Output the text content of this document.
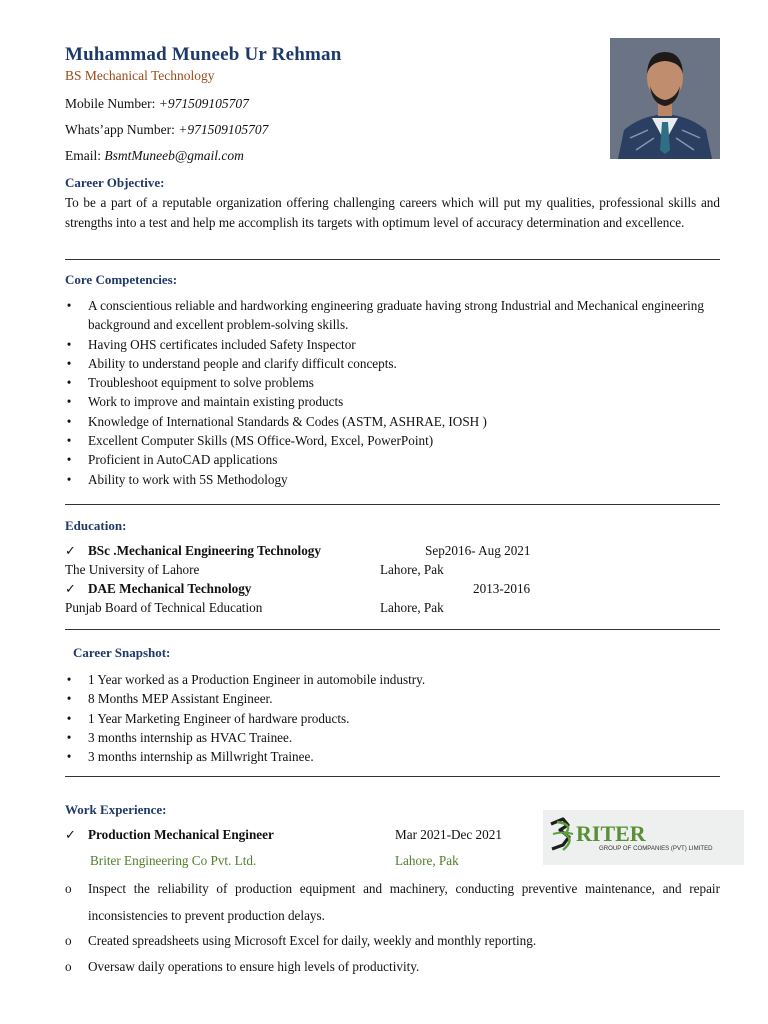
Muhammad Muneeb Ur Rehman
BS Mechanical Technology
Mobile Number: +971509105707
Whats’app Number: +971509105707
Email: BsmtMuneeb@gmail.com
Career Objective:
To be a part of a reputable organization offering challenging careers which will put my qualities, professional skills and strengths into a test and help me accomplish its targets with optimum level of accuracy determination and excellence.
Core Competencies:
• A conscientious reliable and hardworking engineering graduate having strong Industrial and Mechanical engineering background and excellent problem-solving skills.
• Having OHS certificates included Safety Inspector
• Ability to understand people and clarify difficult concepts.
• Troubleshoot equipment to solve problems
• Work to improve and maintain existing products
• Knowledge of International Standards & Codes (ASTM, ASHRAE, IOSH )
• Excellent Computer Skills (MS Office-Word, Excel, PowerPoint)
• Proficient in AutoCAD applications
• Ability to work with 5S Methodology
Education:
✓ BSc .Mechanical Engineering Technology	Sep2016- Aug 2021
The University of Lahore	Lahore, Pak
✓ DAE Mechanical Technology	2013-2016
Punjab Board of Technical Education	Lahore, Pak
Career Snapshot:
• 1 Year worked as a Production Engineer in automobile industry.
• 8 Months MEP Assistant Engineer.
• 1 Year Marketing Engineer of hardware products.
• 3 months internship as HVAC Trainee.
• 3 months internship as Millwright Trainee.
Work Experience:
✓ Production Mechanical Engineer	Mar 2021-Dec 2021
Briter Engineering Co Pvt. Ltd.	Lahore, Pak
RITER
GROUP OF COMPANIES (PVT) LIMITED
o Inspect the reliability of production equipment and machinery, conducting preventive maintenance, and repair inconsistencies to prevent production delays.
o Created spreadsheets using Microsoft Excel for daily, weekly and monthly reporting.
o Oversaw daily operations to ensure high levels of productivity.
